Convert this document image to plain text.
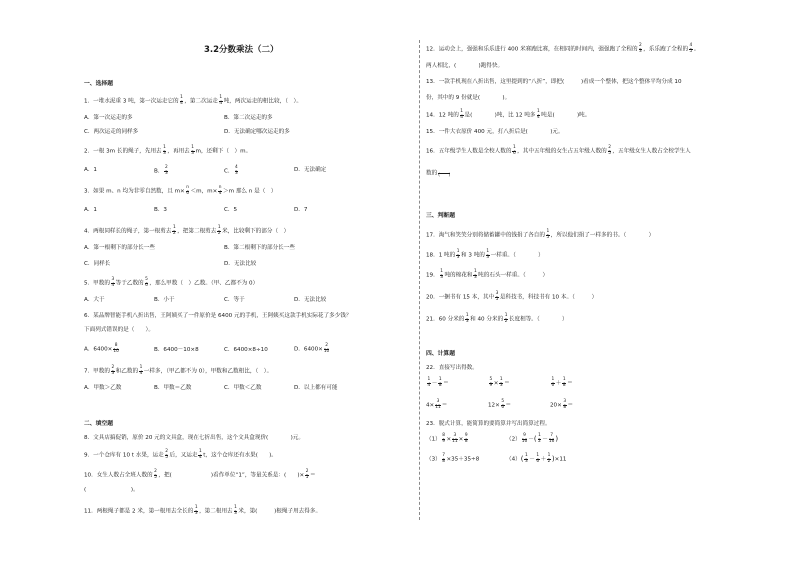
3.2分数乘法（二）
一、选择题
1．一堆水泥重 3 吨，第一次运走它的 $\frac{1}{4}$ ，第二次运走 $\frac{1}{4}$ 吨，两次运走的相比较，（　）。
A．第一次运走的多	B．第二次运走的多
C．两次运走的同样多	D．无法确定哪次运走的多
2．一根 3m 长的绳子，先用去 $\frac{1}{3}$ ，再用去 $\frac{1}{3}$ m，还剩下（　）m。
A．1	B． $\frac{2}{3}$	C． $\frac{4}{3}$	D．无法确定
3．如果 m、n 均为非零自然数，且 $m\times \frac{n}{6} <m$，$m\times \frac{n}{4} >m$ 那么 n 是（　）
A．1	B．3	C．5	D．7
4．两根同样长的绳子，第一根剪去 $\frac{1}{2}$ ，把第二根剪去 $\frac{1}{2}$ 米，比较剩下的部分（　）
A．第一根剩下的部分长一些	B．第二根剩下的部分长一些
C．同样长	D．无法比较
5．甲数的 $\frac{3}{4}$ 等于乙数的 $\frac{5}{6}$ ，那么甲数（　）乙数。（甲、乙都不为 0）
A．大于	B．小于	C．等于	D．无法比较
6．某品牌智能手机八折出售，王阿姨买了一件原价是 6400 元的手机，王阿姨买这款手机实际花了多少钱？
下面列式错误的是（　　）。
A．$6400\times \frac{8}{10}$	B．6400－10×8	C．6400×8÷10	D．$6400\times \frac{2}{10}$
7．甲数的 $\frac{2}{3}$ 和乙数的 $\frac{1}{4}$ 一样多，（甲乙都不为 0），甲数和乙数相比，（　）。
A．甲数＞乙数	B．甲数＝乙数	C．甲数＜乙数	D．以上都有可能
二、填空题
8．文具店搞促销，原价 20 元的文具盒，现在七折出售，这个文具盒现价(　　　　)元。
9．一个仓库有 10 t 水果，运走 $\frac{2}{5}$ 后，又运走 $\frac{1}{4}$ t，这个仓库还有水果(　　)。
10．女生人数占全班人数的 $\frac{2}{5}$ ，把(　　　　　　　)看作单位“1”，等量关系是：(　　)× $\frac{2}{5}$ ＝
(　　　　　　　　)。
11．两根绳子都是 2 米，第一根用去全长的 $\frac{1}{3}$ ，第二根用去 $\frac{1}{3}$ 米，第(　　　)根绳子用去得多。
12．运动会上，强强和乐乐进行 400 米赛跑比赛，在相同的时间内，强强跑了全程的 $\frac{2}{3}$ ，乐乐跑了全程的 $\frac{4}{5}$ 。
两人相比，(　　　　)跑得快。
13．一款手机现在八折出售，这里提到的“八折”，即把(　　　)看成一个整体，把这个整体平均分成 10
份，其中的 9 份就是(　　　　)。
14．12 吨的 $\frac{1}{4}$ 是(　　　　)吨，比 12 吨多 $\frac{1}{4}$ 吨是(　　　　)吨。
15．一件大衣原价 400 元，打八折后是(　　　　)元。
16．五年级学生人数是全校人数的 $\frac{1}{6}$ ，其中五年级的女生占五年级人数的 $\frac{2}{5}$ ，五年级女生人数占全校学生人
数的
(　　)
三、判断题
17．淘气和笑笑分别将储蓄罐中的钱捐了各自的 $\frac{1}{5}$ ，所以他们捐了一样多的书。（　　　　）
18．1 吨的 $\frac{1}{3}$ 和 3 吨的 $\frac{1}{3}$ 一样重。（　　　　）
19． $\frac{1}{3}$ 吨的棉花和 $\frac{1}{3}$ 吨的石头一样重。（　　　）
20．一捆书有 15 本，其中 $\frac{3}{5}$ 是科技书，科技书有 10 本。（　　　）
21．60 分米的 $\frac{1}{3}$ 和 40 分米的 $\frac{1}{2}$ 长度相等。（　　　　）
四、计算题
22．直接写出得数。
$\frac{1}{4} - \frac{1}{8}$ ＝	$\frac{5}{9} \times \frac{1}{3}$ ＝	$\frac{1}{6} + \frac{1}{8}$ ＝
$4\times \frac{3}{11}$ ＝	$12\times \frac{5}{6}$ ＝	$20\times \frac{3}{8}$ ＝
23．脱式计算，能简算的要简算并写出简算过程。
$(1) \frac{8}{9} \times \frac{3}{11} \times \frac{9}{8}$	$(2) \frac{9}{16}$ －( $\frac{1}{2} - \frac{7}{16}$ )
$(3) \frac{7}{8} \times 35+35\div 8$	$(4)( \frac{1}{3} - \frac{1}{6} + \frac{1}{2} )\times 11$
